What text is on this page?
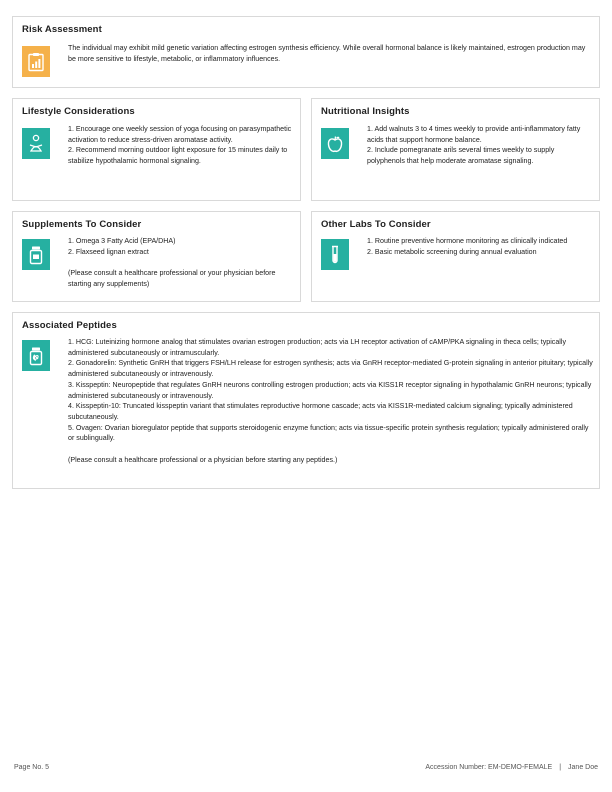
Risk Assessment

The individual may exhibit mild genetic variation affecting estrogen synthesis efficiency. While overall hormonal balance is likely maintained, estrogen production may be more sensitive to lifestyle, metabolic, or inflammatory influences.

Lifestyle Considerations

1. Encourage one weekly session of yoga focusing on parasympathetic activation to reduce stress-driven aromatase activity.

2. Recommend morning outdoor light exposure for 15 minutes daily to stabilize hypothalamic hormonal signaling.

Nutritional Insights

1. Add walnuts 3 to 4 times weekly to provide anti-inflammatory fatty acids that support hormone balance.

2. Include pomegranate arils several times weekly to supply polyphenols that help moderate aromatase signaling.

Supplements To Consider

1. Omega 3 Fatty Acid (EPA/DHA)

2. Flaxseed lignan extract

(Please consult a healthcare professional or your physician before starting any supplements)

Other Labs To Consider

1. Routine preventive hormone monitoring as clinically indicated

2. Basic metabolic screening during annual evaluation

Associated Peptides

1. HCG: Luteinizing hormone analog that stimulates ovarian estrogen production; acts via LH receptor activation of cAMP/PKA signaling in theca cells; typically administered subcutaneously or intramuscularly.

2. Gonadorelin: Synthetic GnRH that triggers FSH/LH release for estrogen synthesis; acts via GnRH receptor-mediated G-protein signaling in anterior pituitary; typically administered subcutaneously or intravenously.

3. Kisspeptin: Neuropeptide that regulates GnRH neurons controlling estrogen production; acts via KISS1R receptor signaling in hypothalamic GnRH neurons; typically administered subcutaneously or intravenously.

4. Kisspeptin-10: Truncated kisspeptin variant that stimulates reproductive hormone cascade; acts via KISS1R-mediated calcium signaling; typically administered subcutaneously.

5. Ovagen: Ovarian bioregulator peptide that supports steroidogenic enzyme function; acts via tissue-specific protein synthesis regulation; typically administered orally or sublingually.

(Please consult a healthcare professional or a physician before starting any peptides.)

Page No. 5	Accession Number: EM-DEMO-FEMALE | Jane Doe
